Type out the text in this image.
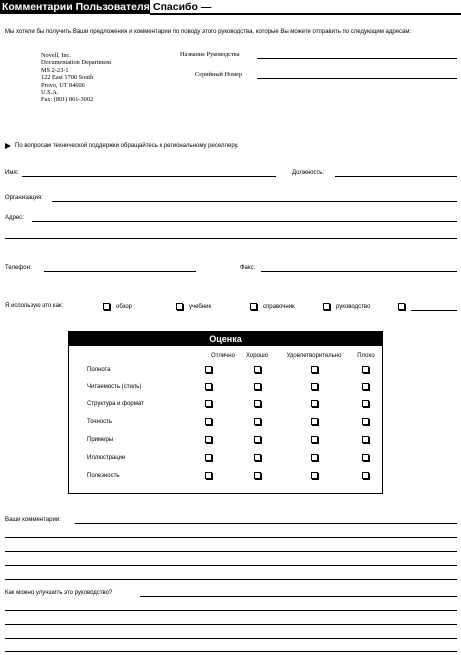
Комментарии Пользователя Спасибо —
Мы хотели бы получить Ваши предложения и комментарии по поводу этого руководства, которые Вы можете отправить по следующим адресам:
Novell, Inc.
Documentation Department
MS 2-23-1
122 East 1700 South
Provo, UT 84606
U.S.A.
Fax: (801) 861-3002
Название Руководства
Серийный Номер
По вопросам технической поддержки обращайтесь к региональному реселлеру.
Имя:	Должность:
Организация:
Адрес:
Телефон:	Факс:
Я использую это как:	обзор	учебник	справочник	руководство
Оценка
Отлично	Хорошо	Удовлетворительно	Плохо
Полнота
Читаемость (стиль)
Структура и формат
Точность
Примеры
Иллюстрации
Полезность
Ваши комментарии:
Как можно улучшить это руководство?
